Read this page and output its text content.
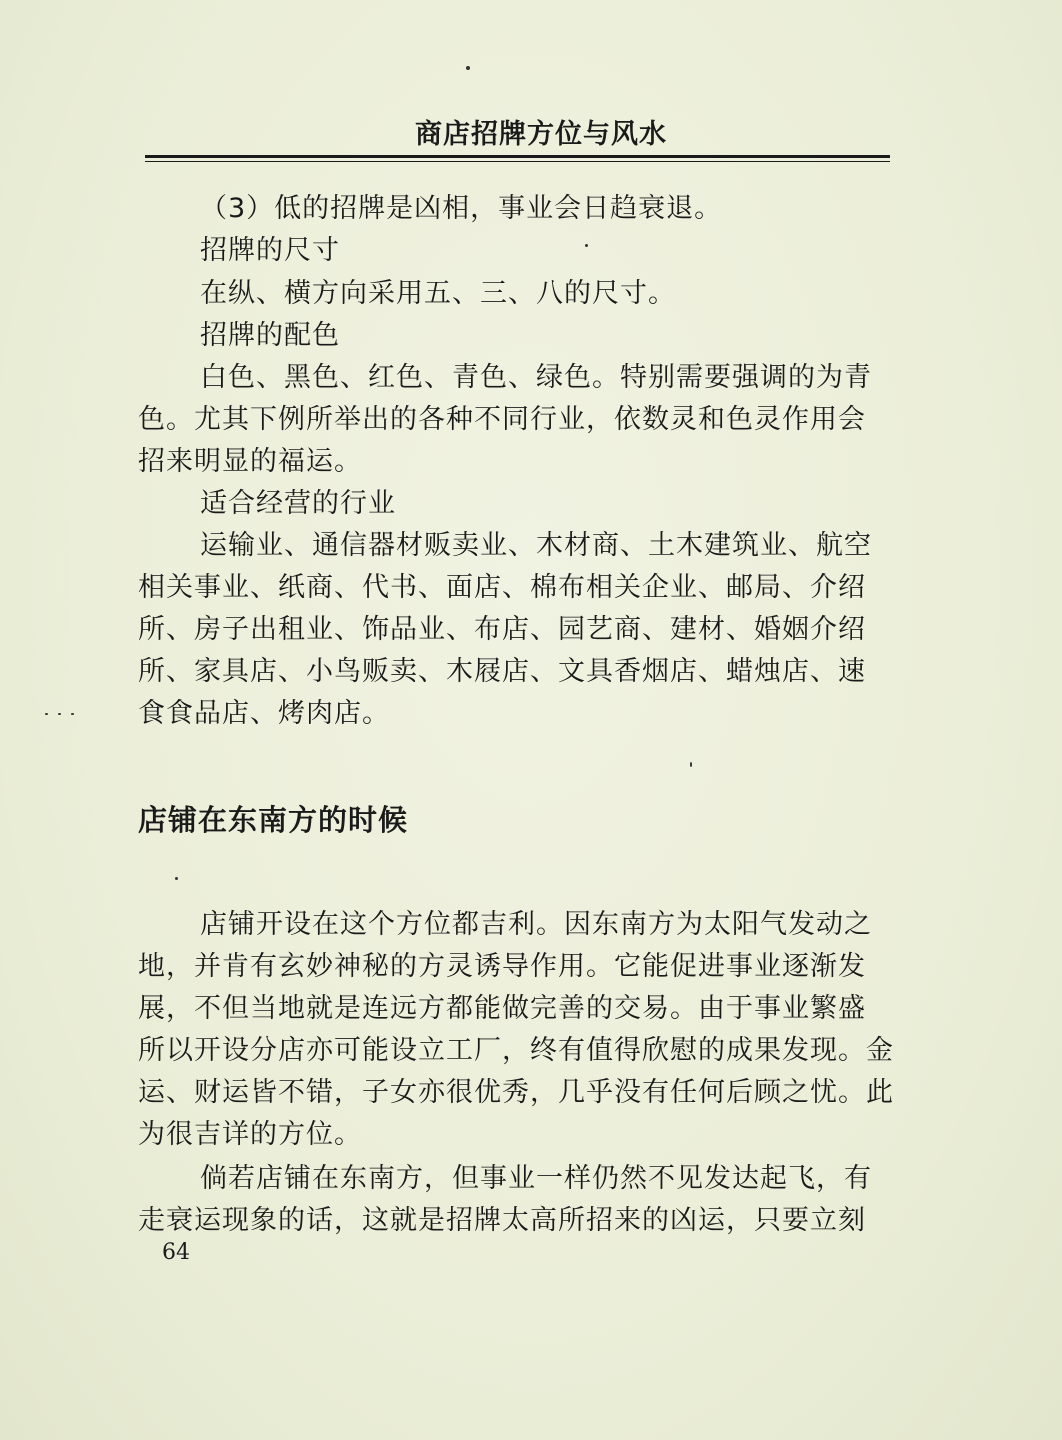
商店招牌方位与风水
（3）低的招牌是凶相，事业会日趋衰退。
招牌的尺寸
在纵、横方向采用五、三、八的尺寸。
招牌的配色
白色、黑色、红色、青色、绿色。特别需要强调的为青
色。尤其下例所举出的各种不同行业，依数灵和色灵作用会
招来明显的福运。
适合经营的行业
运输业、通信器材贩卖业、木材商、土木建筑业、航空
相关事业、纸商、代书、面店、棉布相关企业、邮局、介绍
所、房子出租业、饰品业、布店、园艺商、建材、婚姻介绍
所、家具店、小鸟贩卖、木屐店、文具香烟店、蜡烛店、速
食食品店、烤肉店。
店铺在东南方的时候
店铺开设在这个方位都吉利。因东南方为太阳气发动之
地，并肯有玄妙神秘的方灵诱导作用。它能促进事业逐渐发
展，不但当地就是连远方都能做完善的交易。由于事业繁盛
所以开设分店亦可能设立工厂，终有值得欣慰的成果发现。金
运、财运皆不错，子女亦很优秀，几乎没有任何后顾之忧。此
为很吉详的方位。
倘若店铺在东南方，但事业一样仍然不见发达起飞，有
走衰运现象的话，这就是招牌太高所招来的凶运，只要立刻
64
